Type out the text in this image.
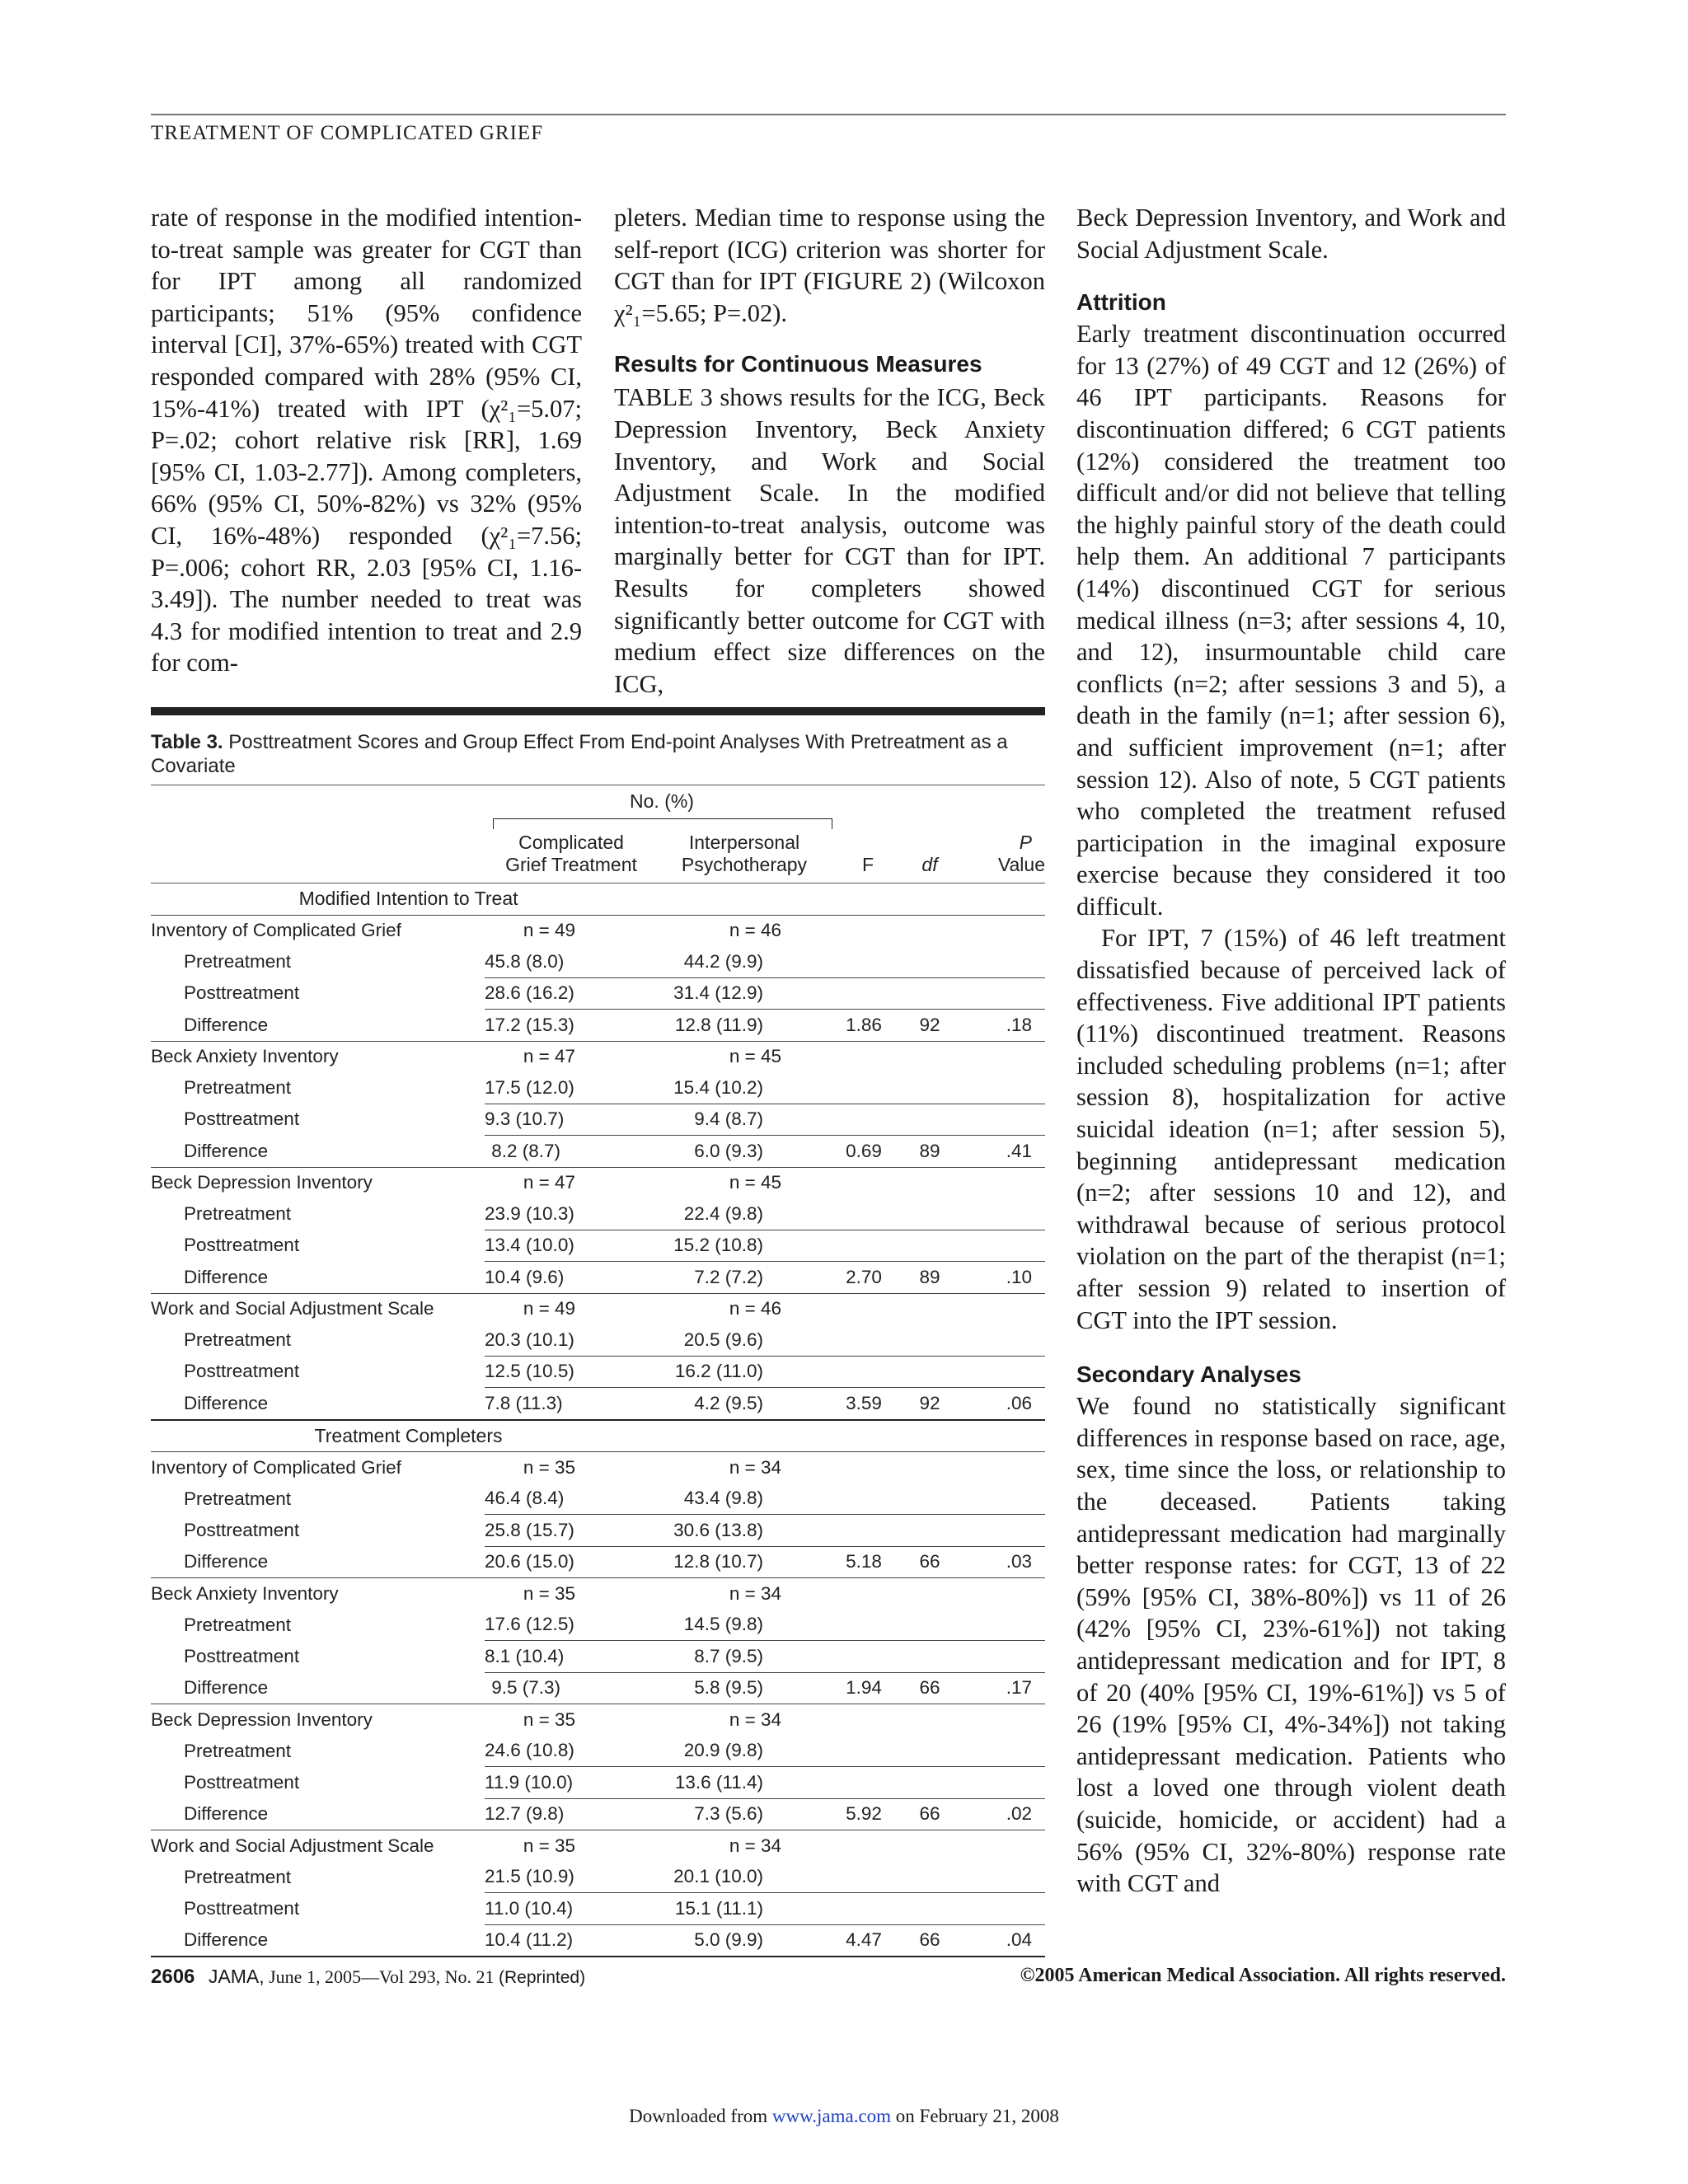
TREATMENT OF COMPLICATED GRIEF

rate of response in the modified intention-to-treat sample was greater for CGT than for IPT among all randomized participants; 51% (95% confidence interval [CI], 37%-65%) treated with CGT responded compared with 28% (95% CI, 15%-41%) treated with IPT (χ²₁=5.07; P=.02; cohort relative risk [RR], 1.69 [95% CI, 1.03-2.77]). Among completers, 66% (95% CI, 50%-82%) vs 32% (95% CI, 16%-48%) responded (χ²₁=7.56; P=.006; cohort RR, 2.03 [95% CI, 1.16-3.49]). The number needed to treat was 4.3 for modified intention to treat and 2.9 for com-

pleters. Median time to response using the self-report (ICG) criterion was shorter for CGT than for IPT (FIGURE 2) (Wilcoxon χ²₁=5.65; P=.02).

Results for Continuous Measures

TABLE 3 shows results for the ICG, Beck Depression Inventory, Beck Anxiety Inventory, and Work and Social Adjustment Scale. In the modified intention-to-treat analysis, outcome was marginally better for CGT than for IPT. Results for completers showed significantly better outcome for CGT with medium effect size differences on the ICG,

Beck Depression Inventory, and Work and Social Adjustment Scale.

Attrition

Early treatment discontinuation occurred for 13 (27%) of 49 CGT and 12 (26%) of 46 IPT participants. Reasons for discontinuation differed; 6 CGT patients (12%) considered the treatment too difficult and/or did not believe that telling the highly painful story of the death could help them. An additional 7 participants (14%) discontinued CGT for serious medical illness (n=3; after sessions 4, 10, and 12), insurmountable child care conflicts (n=2; after sessions 3 and 5), a death in the family (n=1; after session 6), and sufficient improvement (n=1; after session 12). Also of note, 5 CGT patients who completed the treatment refused participation in the imaginal exposure exercise because they considered it too difficult.

For IPT, 7 (15%) of 46 left treatment dissatisfied because of perceived lack of effectiveness. Five additional IPT patients (11%) discontinued treatment. Reasons included scheduling problems (n=1; after session 8), hospitalization for active suicidal ideation (n=1; after session 5), beginning antidepressant medication (n=2; after sessions 10 and 12), and withdrawal because of serious protocol violation on the part of the therapist (n=1; after session 9) related to insertion of CGT into the IPT session.

Secondary Analyses

We found no statistically significant differences in response based on race, age, sex, time since the loss, or relationship to the deceased. Patients taking antidepressant medication had marginally better response rates: for CGT, 13 of 22 (59% [95% CI, 38%-80%]) vs 11 of 26 (42% [95% CI, 23%-61%]) not taking antidepressant medication and for IPT, 8 of 20 (40% [95% CI, 19%-61%]) vs 5 of 26 (19% [95% CI, 4%-34%]) not taking antidepressant medication. Patients who lost a loved one through violent death (suicide, homicide, or accident) had a 56% (95% CI, 32%-80%) response rate with CGT and

Table 3. Posttreatment Scores and Group Effect From End-point Analyses With Pretreatment as a Covariate
No. (%)
Complicated
Grief Treatment
Interpersonal
Psychotherapy	F	df
P
Value
Modified Intention to Treat					
Inventory of Complicated Grief	n = 49	n = 46			
Pretreatment	45.8 (8.0)	44.2 (9.9)			
Posttreatment	28.6 (16.2)	31.4 (12.9)			
Difference	17.2 (15.3)	12.8 (11.9)	1.86	92	.18
Beck Anxiety Inventory	n = 47	n = 45			
Pretreatment	17.5 (12.0)	15.4 (10.2)			
Posttreatment	9.3 (10.7)	9.4 (8.7)			
Difference	8.2 (8.7)	6.0 (9.3)	0.69	89	.41
Beck Depression Inventory	n = 47	n = 45			
Pretreatment	23.9 (10.3)	22.4 (9.8)			
Posttreatment	13.4 (10.0)	15.2 (10.8)			
Difference	10.4 (9.6)	7.2 (7.2)	2.70	89	.10
Work and Social Adjustment Scale	n = 49	n = 46			
Pretreatment	20.3 (10.1)	20.5 (9.6)			
Posttreatment	12.5 (10.5)	16.2 (11.0)			
Difference	7.8 (11.3)	4.2 (9.5)	3.59	92	.06

Treatment Completers					
Inventory of Complicated Grief	n = 35	n = 34			
Pretreatment	46.4 (8.4)	43.4 (9.8)			
Posttreatment	25.8 (15.7)	30.6 (13.8)			
Difference	20.6 (15.0)	12.8 (10.7)	5.18	66	.03
Beck Anxiety Inventory	n = 35	n = 34			
Pretreatment	17.6 (12.5)	14.5 (9.8)			
Posttreatment	8.1 (10.4)	8.7 (9.5)			
Difference	9.5 (7.3)	5.8 (9.5)	1.94	66	.17
Beck Depression Inventory	n = 35	n = 34			
Pretreatment	24.6 (10.8)	20.9 (9.8)			
Posttreatment	11.9 (10.0)	13.6 (11.4)			
Difference	12.7 (9.8)	7.3 (5.6)	5.92	66	.02
Work and Social Adjustment Scale	n = 35	n = 34			
Pretreatment	21.5 (10.9)	20.1 (10.0)			
Posttreatment	11.0 (10.4)	15.1 (11.1)			
Difference	10.4 (11.2)	5.0 (9.9)	4.47	66	.04
2606 JAMA, June 1, 2005—Vol 293, No. 21 (Reprinted)	©2005 American Medical Association. All rights reserved.
Downloaded from www.jama.com on February 21, 2008
